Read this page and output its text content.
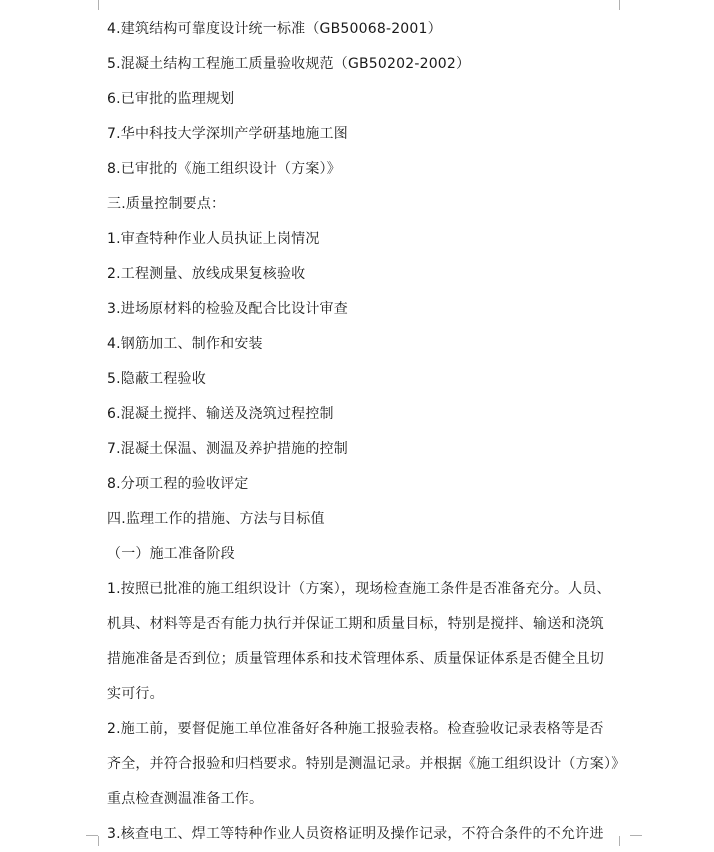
4.建筑结构可靠度设计统一标准（GB50068-2001）
5.混凝土结构工程施工质量验收规范（GB50202-2002）
6.已审批的监理规划
7.华中科技大学深圳产学研基地施工图
8.已审批的《施工组织设计（方案）》
三.质量控制要点：
1.审查特种作业人员执证上岗情况
2.工程测量、放线成果复核验收
3.进场原材料的检验及配合比设计审查
4.钢筋加工、制作和安装
5.隐蔽工程验收
6.混凝土搅拌、输送及浇筑过程控制
7.混凝土保温、测温及养护措施的控制
8.分项工程的验收评定
四.监理工作的措施、方法与目标值
（一）施工准备阶段
1.按照已批准的施工组织设计（方案），现场检查施工条件是否准备充分。人员、
机具、材料等是否有能力执行并保证工期和质量目标，特别是搅拌、输送和浇筑
措施准备是否到位；质量管理体系和技术管理体系、质量保证体系是否健全且切
实可行。
2.施工前，要督促施工单位准备好各种施工报验表格。检查验收记录表格等是否
齐全，并符合报验和归档要求。特别是测温记录。并根据《施工组织设计（方案）》
重点检查测温准备工作。
3.核查电工、焊工等特种作业人员资格证明及操作记录，不符合条件的不允许进
